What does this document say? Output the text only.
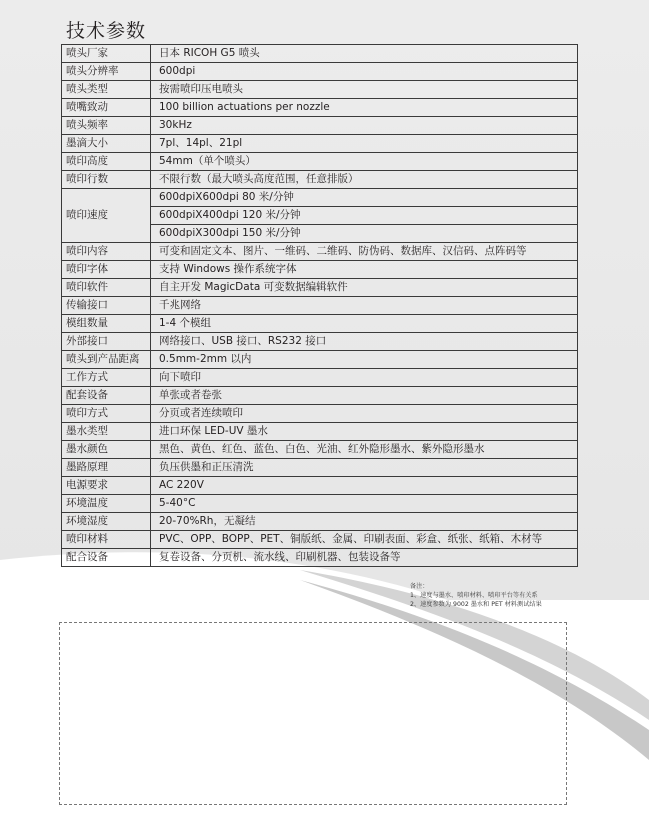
技术参数
喷头厂家	日本 RICOH G5 喷头
喷头分辨率	600dpi
喷头类型	按需喷印压电喷头
喷嘴致动	100 billion actuations per nozzle
喷头频率	30kHz
墨滴大小	7pl、14pl、21pl
喷印高度	54mm（单个喷头）
喷印行数	不限行数（最大喷头高度范围，任意排版）
喷印速度	600dpiX600dpi 80 米/分钟
	600dpiX400dpi 120 米/分钟
	600dpiX300dpi 150 米/分钟
喷印内容	可变和固定文本、图片、一维码、二维码、防伪码、数据库、汉信码、点阵码等
喷印字体	支持 Windows 操作系统字体
喷印软件	自主开发 MagicData 可变数据编辑软件
传输接口	千兆网络
模组数量	1-4 个模组
外部接口	网络接口、USB 接口、RS232 接口
喷头到产品距离	0.5mm-2mm 以内
工作方式	向下喷印
配套设备	单张或者卷张
喷印方式	分页或者连续喷印
墨水类型	进口环保 LED-UV 墨水
墨水颜色	黑色、黄色、红色、蓝色、白色、光油、红外隐形墨水、紫外隐形墨水
墨路原理	负压供墨和正压清洗
电源要求	AC 220V
环境温度	5-40°C
环境湿度	20-70%Rh，无凝结
喷印材料	PVC、OPP、BOPP、PET、铜版纸、金属、印刷表面、彩盒、纸张、纸箱、木材等
配合设备	复卷设备、分页机、流水线、印刷机器、包装设备等
备注：
1、速度与墨水、喷印材料、喷印平台等有关系
2、速度参数为 9002 墨水和 PET 材料测试结果
